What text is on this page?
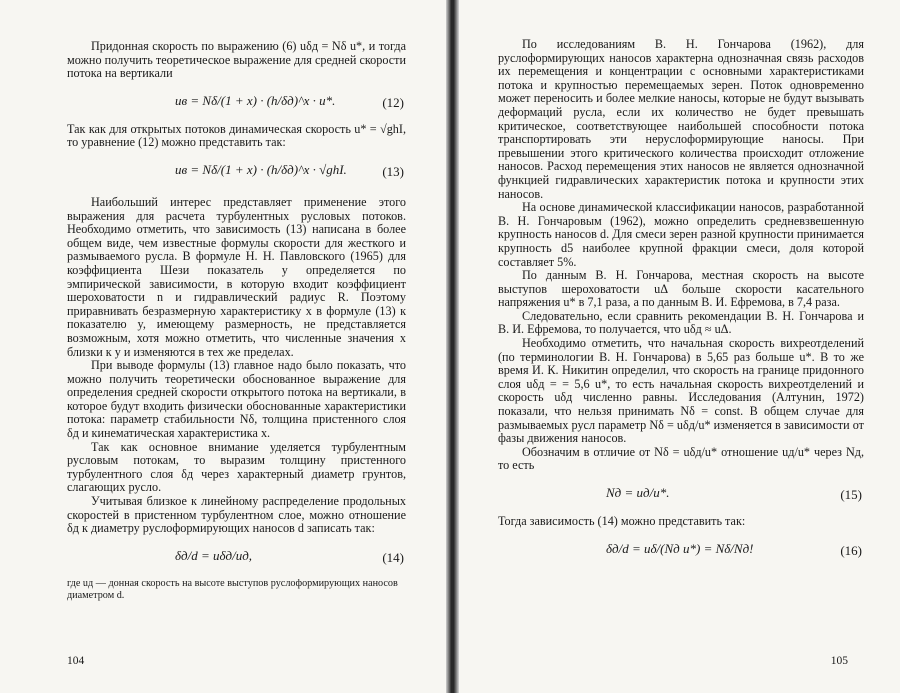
Придонная скорость по выражению (6) uδд = Nδ u*, и тогда можно получить теоретическое выражение для средней скорости потока на вертикали

uв = Nδ/(1 + x) · (h/δд)^x · u*.	(12)

Так как для открытых потоков динамическая скорость u* = √ghI, то уравнение (12) можно представить так:

uв = Nδ/(1 + x) · (h/δд)^x · √ghI.	(13)

Наибольший интерес представляет применение этого выражения для расчета турбулентных русловых потоков. Необходимо отметить, что зависимость (13) написана в более общем виде, чем известные формулы скорости для жесткого и размываемого русла. В формуле Н. Н. Павловского (1965) для коэффициента Шези показатель y определяется по эмпирической зависимости, в которую входит коэффициент шероховатости n и гидравлический радиус R. Поэтому приравнивать безразмерную характеристику x в формуле (13) к показателю y, имеющему размерность, не представляется возможным, хотя можно отметить, что численные значения x близки к y и изменяются в тех же пределах.

При выводе формулы (13) главное надо было показать, что можно получить теоретически обоснованное выражение для определения средней скорости открытого потока на вертикали, в которое будут входить физически обоснованные характеристики потока: параметр стабильности Nδ, толщина пристенного слоя δд и кинематическая характеристика x.

Так как основное внимание уделяется турбулентным русловым потокам, то выразим толщину пристенного турбулентного слоя δд через характерный диаметр грунтов, слагающих русло.

Учитывая близкое к линейному распределение продольных скоростей в пристенном турбулентном слое, можно отношение δд к диаметру руслоформирующих наносов d записать так:

δд/d = uδд/uд,	(14)

где uд — донная скорость на высоте выступов руслоформирующих наносов диаметром d.

104

По исследованиям В. Н. Гончарова (1962), для руслоформирующих наносов характерна однозначная связь расходов их перемещения и концентрации с основными характеристиками потока и крупностью перемещаемых зерен. Поток одновременно может переносить и более мелкие наносы, которые не будут вызывать деформаций русла, если их количество не будет превышать критическое, соответствующее наибольшей способности потока транспортировать эти неруслоформирующие наносы. При превышении этого критического количества происходит отложение наносов. Расход перемещения этих наносов не является однозначной функцией гидравлических характеристик потока и крупности этих наносов.

На основе динамической классификации наносов, разработанной В. Н. Гончаровым (1962), можно определить средневзвешенную крупность наносов d. Для смеси зерен разной крупности принимается крупность d5 наиболее крупной фракции смеси, доля которой составляет 5%.

По данным В. Н. Гончарова, местная скорость на высоте выступов шероховатости uΔ больше скорости касательного напряжения u* в 7,1 раза, а по данным В. И. Ефремова, в 7,4 раза.

Следовательно, если сравнить рекомендации В. Н. Гончарова и В. И. Ефремова, то получается, что uδд ≈ uΔ.

Необходимо отметить, что начальная скорость вихреотделений (по терминологии В. Н. Гончарова) в 5,65 раз больше u*. В то же время И. К. Никитин определил, что скорость на границе придонного слоя uδд = = 5,6 u*, то есть начальная скорость вихреотделений и скорость uδд численно равны. Исследования (Алтунин, 1972) показали, что нельзя принимать Nδ = const. В общем случае для размываемых русл параметр Nδ = uδд/u* изменяется в зависимости от фазы движения наносов.

Обозначим в отличие от Nδ = uδд/u* отношение uд/u* через Nд, то есть

Nд = uд/u*.	(15)

Тогда зависимость (14) можно представить так:

δд/d = uδ/(Nд u*) = Nδ/Nд!	(16)
105
